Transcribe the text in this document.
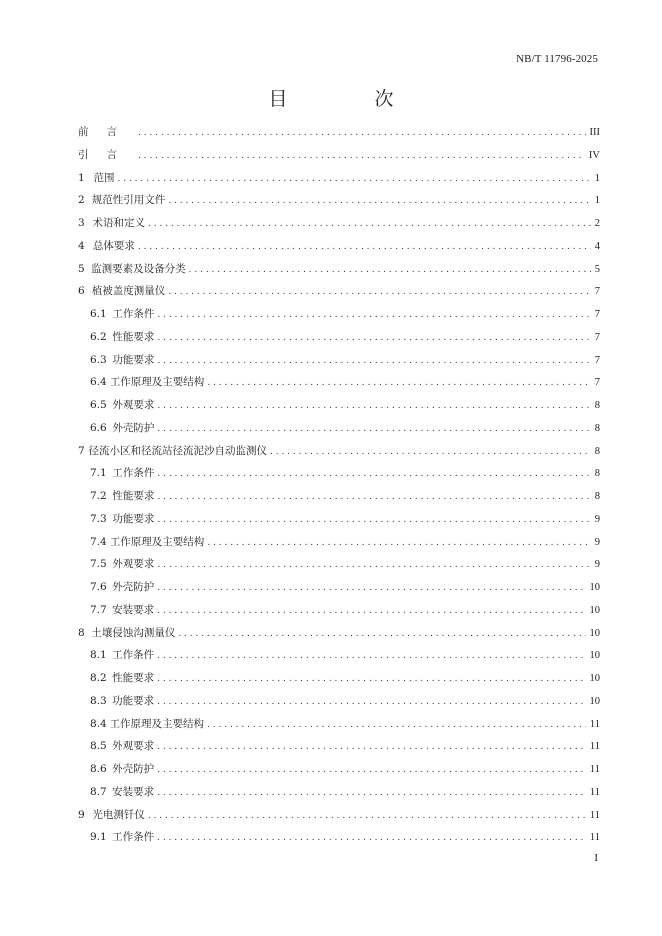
NB/T 11796-2025
目　次
前言 . . .	III
引言 . . .	IV
1 范围 . . .	1
2 规范性引用文件 . . .	1
3 术语和定义 . . .	2
4 总体要求 . . .	4
5 监测要素及设备分类 . . .	5
6 植被盖度测量仪 . . .	7
6.1 工作条件 . . .	7
6.2 性能要求 . . .	7
6.3 功能要求 . . .	7
6.4 工作原理及主要结构 . . .	7
6.5 外观要求 . . .	8
6.6 外壳防护 . . .	8
7 径流小区和径流站径流泥沙自动监测仪 . . .	8
7.1 工作条件 . . .	8
7.2 性能要求 . . .	8
7.3 功能要求 . . .	9
7.4 工作原理及主要结构 . . .	9
7.5 外观要求 . . .	9
7.6 外壳防护 . . .	10
7.7 安装要求 . . .	10
8 土壤侵蚀沟测量仪 . . .	10
8.1 工作条件 . . .	10
8.2 性能要求 . . .	10
8.3 功能要求 . . .	10
8.4 工作原理及主要结构 . . .	11
8.5 外观要求 . . .	11
8.6 外壳防护 . . .	11
8.7 安装要求 . . .	11
9 光电测钎仪 . . .	11
9.1 工作条件 . . .	11
I
